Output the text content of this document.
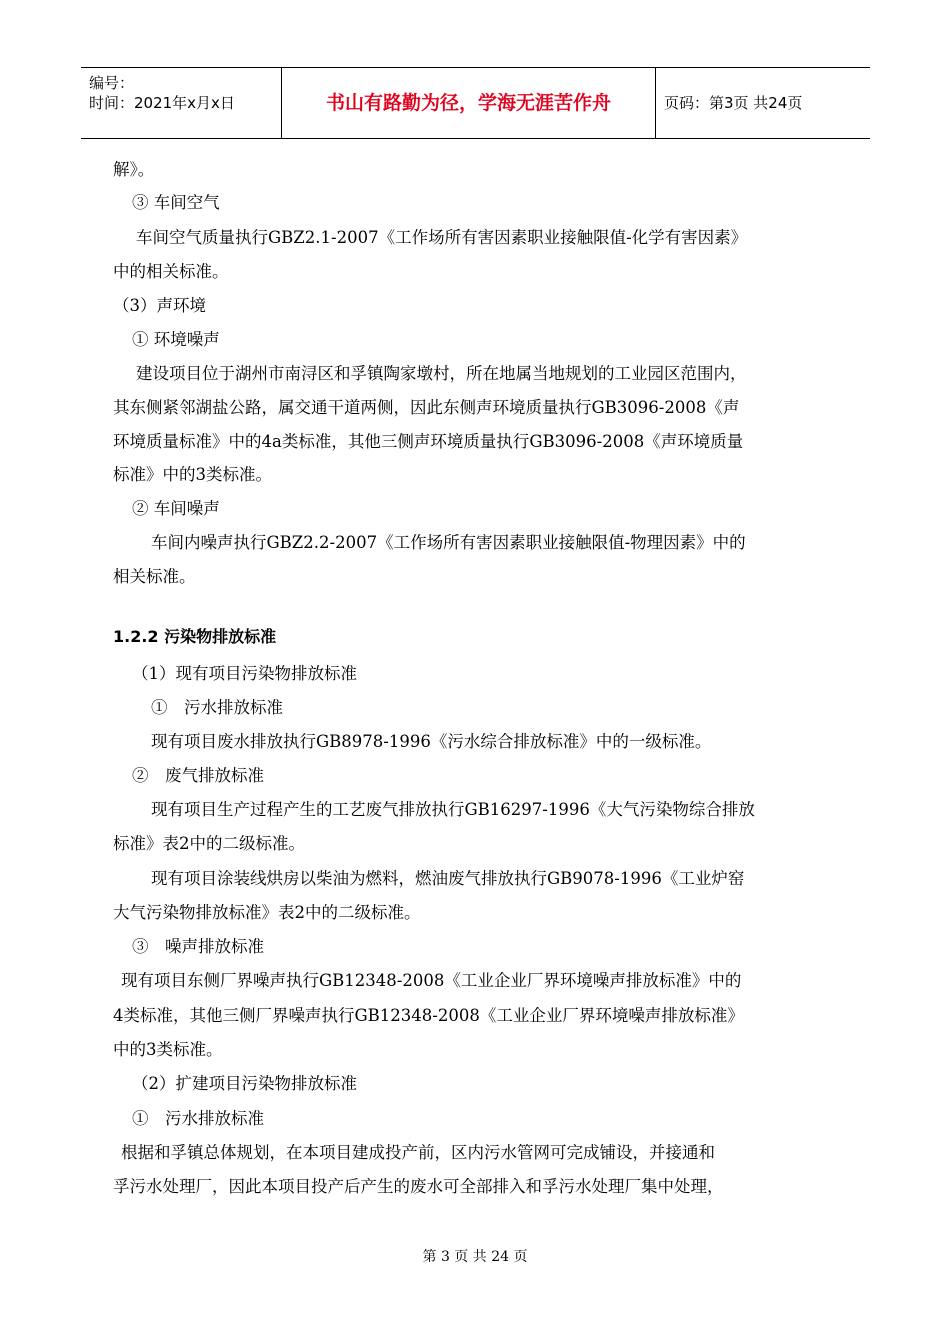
编号：
时间：2021年x月x日	书山有路勤为径，学海无涯苦作舟	页码：第3页 共24页
解》。
③ 车间空气
车间空气质量执行GBZ2.1-2007《工作场所有害因素职业接触限值-化学有害因素》
中的相关标准。
（3）声环境
① 环境噪声
建设项目位于湖州市南浔区和孚镇陶家墩村，所在地属当地规划的工业园区范围内，
其东侧紧邻湖盐公路，属交通干道两侧，因此东侧声环境质量执行GB3096-2008《声
环境质量标准》中的4a类标准，其他三侧声环境质量执行GB3096-2008《声环境质量
标准》中的3类标准。
② 车间噪声
车间内噪声执行GBZ2.2-2007《工作场所有害因素职业接触限值-物理因素》中的
相关标准。
1.2.2 污染物排放标准
（1）现有项目污染物排放标准
①　污水排放标准
现有项目废水排放执行GB8978-1996《污水综合排放标准》中的一级标准。
②　废气排放标准
现有项目生产过程产生的工艺废气排放执行GB16297-1996《大气污染物综合排放
标准》表2中的二级标准。
现有项目涂装线烘房以柴油为燃料，燃油废气排放执行GB9078-1996《工业炉窑
大气污染物排放标准》表2中的二级标准。
③　噪声排放标准
现有项目东侧厂界噪声执行GB12348-2008《工业企业厂界环境噪声排放标准》中的
4类标准，其他三侧厂界噪声执行GB12348-2008《工业企业厂界环境噪声排放标准》
中的3类标准。
（2）扩建项目污染物排放标准
①　污水排放标准
根据和孚镇总体规划，在本项目建成投产前，区内污水管网可完成铺设，并接通和
孚污水处理厂，因此本项目投产后产生的废水可全部排入和孚污水处理厂集中处理，
第 3 页 共 24 页
